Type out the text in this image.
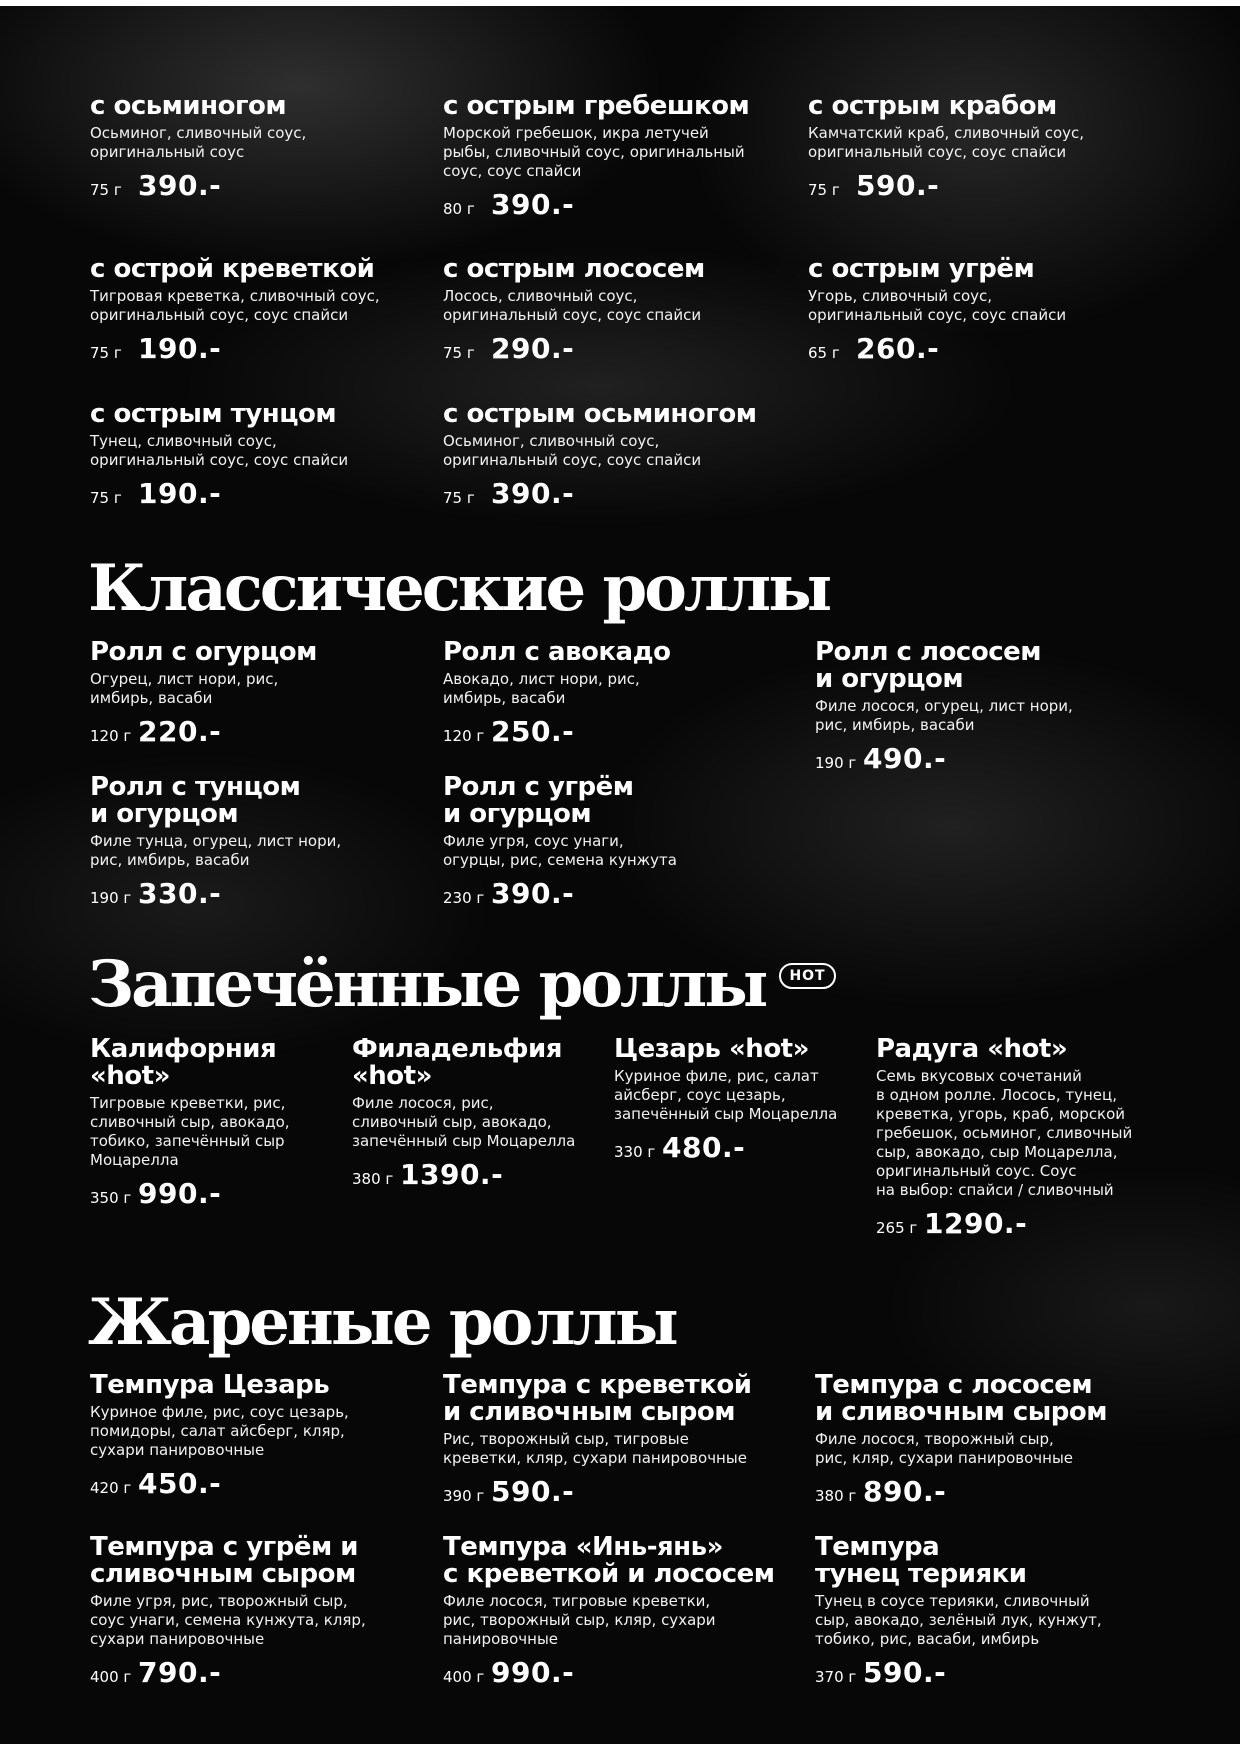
с осьминогом
Осьминог, сливочный соус,
оригинальный соус
75 г 390.-
с острым гребешком
Морской гребешок, икра летучей
рыбы, сливочный соус, оригинальный
соус, соус спайси
80 г 390.-
с острым крабом
Камчатский краб, сливочный соус,
оригинальный соус, соус спайси
75 г 590.-
с острой креветкой
Тигровая креветка, сливочный соус,
оригинальный соус, соус спайси
75 г 190.-
с острым лососем
Лосось, сливочный соус,
оригинальный соус, соус спайси
75 г 290.-
с острым угрём
Угорь, сливочный соус,
оригинальный соус, соус спайси
65 г 260.-
с острым тунцом
Тунец, сливочный соус,
оригинальный соус, соус спайси
75 г 190.-
с острым осьминогом
Осьминог, сливочный соус,
оригинальный соус, соус спайси
75 г 390.-
Классические роллы
Ролл с огурцом
Огурец, лист нори, рис,
имбирь, васаби
120 г 220.-
Ролл с авокадо
Авокадо, лист нори, рис,
имбирь, васаби
120 г 250.-
Ролл с лососем
и огурцом
Филе лосося, огурец, лист нори,
рис, имбирь, васаби
190 г 490.-
Ролл с тунцом
и огурцом
Филе тунца, огурец, лист нори,
рис, имбирь, васаби
190 г 330.-
Ролл с угрём
и огурцом
Филе угря, соус унаги,
огурцы, рис, семена кунжута
230 г 390.-
Запечённые роллы HOT
Калифорния
«hot»
Тигровые креветки, рис,
сливочный сыр, авокадо,
тобико, запечённый сыр
Моцарелла
350 г 990.-
Филадельфия
«hot»
Филе лосося, рис,
сливочный сыр, авокадо,
запечённый сыр Моцарелла
380 г 1390.-
Цезарь «hot»
Куриное филе, рис, салат
айсберг, соус цезарь,
запечённый сыр Моцарелла
330 г 480.-
Радуга «hot»
Семь вкусовых сочетаний
в одном ролле. Лосось, тунец,
креветка, угорь, краб, морской
гребешок, осьминог, сливочный
сыр, авокадо, сыр Моцарелла,
оригинальный соус. Соус
на выбор: спайси / сливочный
265 г 1290.-
Жареные роллы
Темпура Цезарь
Куриное филе, рис, соус цезарь,
помидоры, салат айсберг, кляр,
сухари панировочные
420 г 450.-
Темпура с креветкой
и сливочным сыром
Рис, творожный сыр, тигровые
креветки, кляр, сухари панировочные
390 г 590.-
Темпура с лососем
и сливочным сыром
Филе лосося, творожный сыр,
рис, кляр, сухари панировочные
380 г 890.-
Темпура с угрём и
сливочным сыром
Филе угря, рис, творожный сыр,
соус унаги, семена кунжута, кляр,
сухари панировочные
400 г 790.-
Темпура «Инь-янь»
с креветкой и лососем
Филе лосося, тигровые креветки,
рис, творожный сыр, кляр, сухари
панировочные
400 г 990.-
Темпура
тунец терияки
Тунец в соусе терияки, сливочный
сыр, авокадо, зелёный лук, кунжут,
тобико, рис, васаби, имбирь
370 г 590.-
